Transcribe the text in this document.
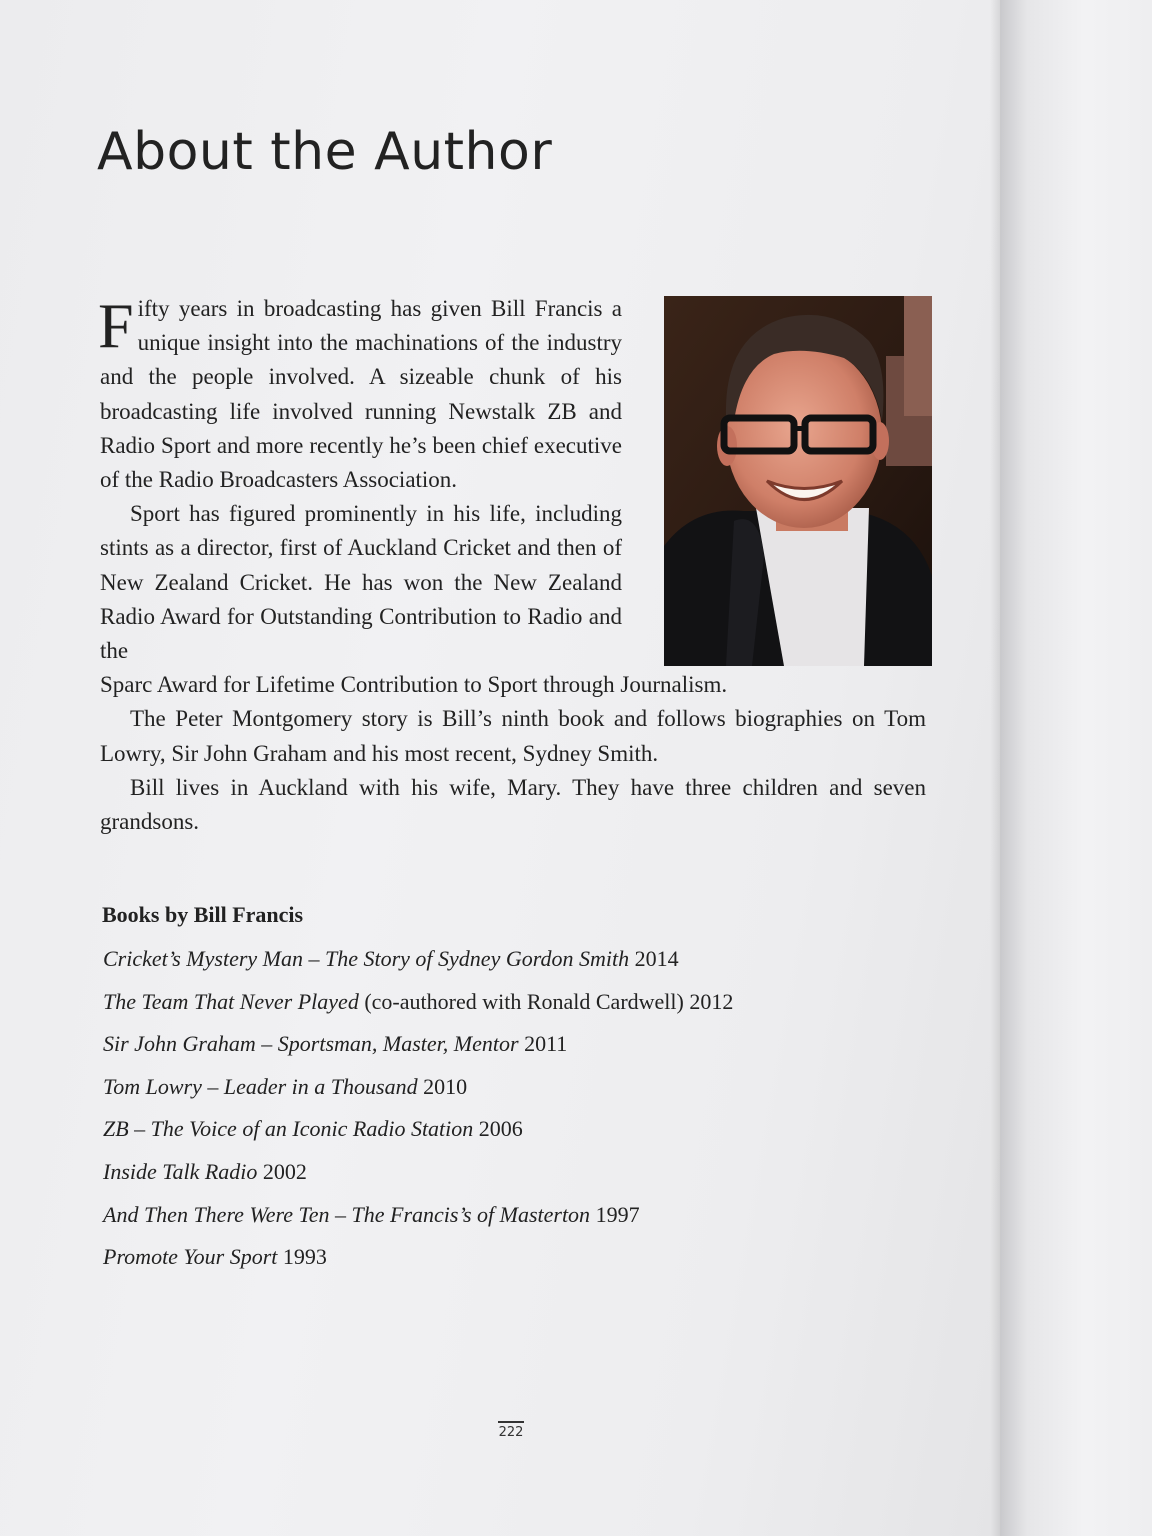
About the Author

Fifty years in broadcasting has given Bill Francis a unique insight into the machinations of the industry and the people involved. A sizeable chunk of his broadcasting life involved running Newstalk ZB and Radio Sport and more recently he’s been chief executive of the Radio Broadcasters Association.

Sport has figured prominently in his life, including stints as a director, first of Auckland Cricket and then of New Zealand Cricket. He has won the New Zealand Radio Award for Outstanding Contribution to Radio and the

Sparc Award for Lifetime Contribution to Sport through Journalism.

The Peter Montgomery story is Bill’s ninth book and follows biographies on Tom Lowry, Sir John Graham and his most recent, Sydney Smith.

Bill lives in Auckland with his wife, Mary. They have three children and seven grandsons.

Books by Bill Francis
Cricket’s Mystery Man – The Story of Sydney Gordon Smith 2014
The Team That Never Played (co-authored with Ronald Cardwell) 2012
Sir John Graham – Sportsman, Master, Mentor 2011
Tom Lowry – Leader in a Thousand 2010
ZB – The Voice of an Iconic Radio Station 2006
Inside Talk Radio 2002
And Then There Were Ten – The Francis’s of Masterton 1997
Promote Your Sport 1993
222
